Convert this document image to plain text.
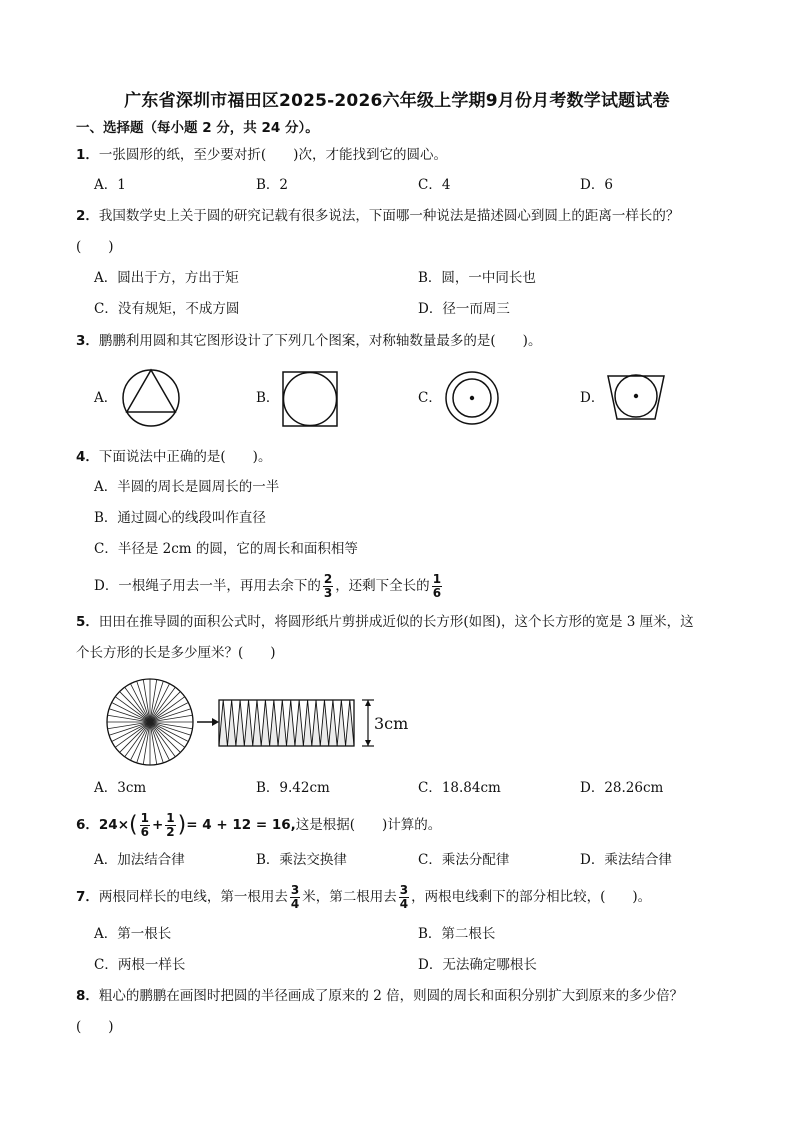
广东省深圳市福田区2025-2026六年级上学期9月份月考数学试题试卷
一、选择题（每小题 2 分，共 24 分）。
1．一张圆形的纸，至少要对折(　　)次，才能找到它的圆心。
A．1	B．2	C．4	D．6
2．我国数学史上关于圆的研究记载有很多说法，下面哪一种说法是描述圆心到圆上的距离一样长的？
(　　)
A．圆出于方，方出于矩	B．圆，一中同长也
C．没有规矩，不成方圆	D．径一而周三
3．鹏鹏利用圆和其它图形设计了下列几个图案，对称轴数量最多的是(　　)。
A．	B．	C．	D．
4．下面说法中正确的是(　　)。
A．半圆的周长是圆周长的一半
B．通过圆心的线段叫作直径
C．半径是 2cm 的圆，它的周长和面积相等
D．一根绳子用去一半，再用去余下的 $\frac{2}{3}$ ，还剩下全长的 $\frac{1}{6}$
5．田田在推导圆的面积公式时，将圆形纸片剪拼成近似的长方形(如图)，这个长方形的宽是 3 厘米，这
个长方形的长是多少厘米？(　　)
3cm
A．3cm	B．9.42cm	C．18.84cm	D．28.26cm
6．$24\times( \frac{1}{6} + \frac{1}{2}$ )= 4 + 12 = 16,这是根据(　　)计算的。
A．加法结合律	B．乘法交换律	C．乘法分配律	D．乘法结合律
7．两根同样长的电线，第一根用去 $\frac{3}{4}$ 米，第二根用去 $\frac{3}{4}$ ，两根电线剩下的部分相比较，(　　)。
A．第一根长	B．第二根长
C．两根一样长	D．无法确定哪根长
8．粗心的鹏鹏在画图时把圆的半径画成了原来的 2 倍，则圆的周长和面积分别扩大到原来的多少倍？
(　　)
